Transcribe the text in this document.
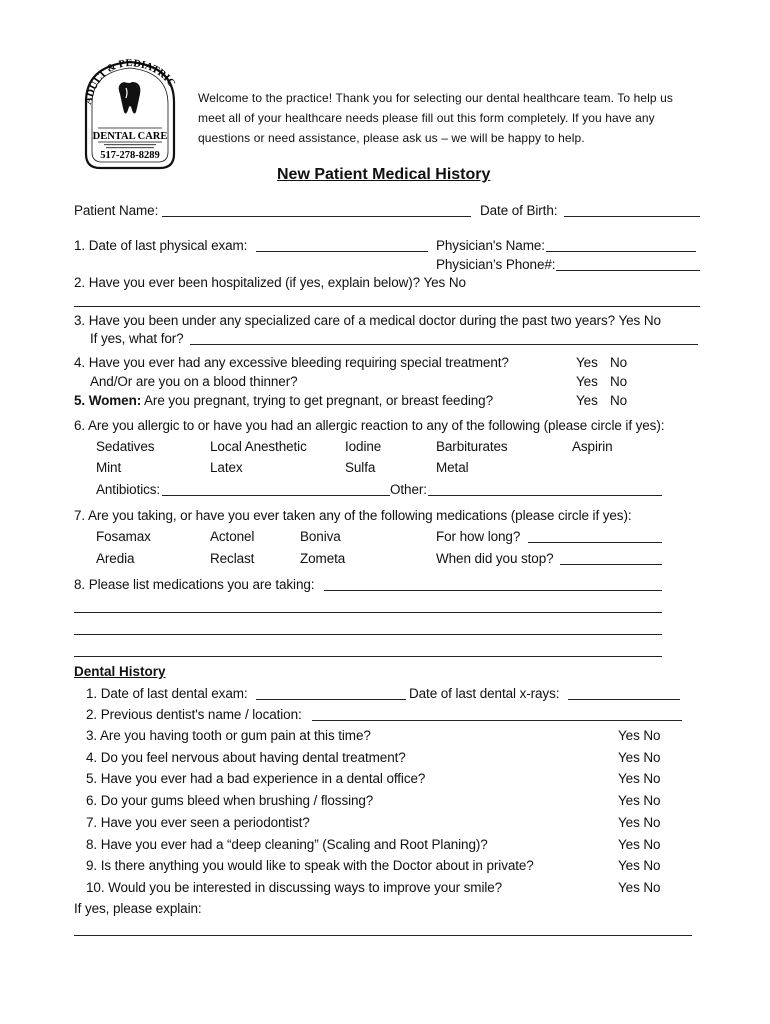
ADULT & PEDIATRIC
DENTAL CARE
517-278-8289
Welcome to the practice! Thank you for selecting our dental healthcare team. To help us
meet all of your healthcare needs please fill out this form completely. If you have any
questions or need assistance, please ask us – we will be happy to help.
New Patient Medical History
Patient Name:	Date of Birth:
1. Date of last physical exam:	Physician's Name:
Physician’s Phone#:
2. Have you ever been hospitalized (if yes, explain below)? Yes No
3. Have you been under any specialized care of a medical doctor during the past two years? Yes No
If yes, what for?
4. Have you ever had any excessive bleeding requiring special treatment?	Yes No
And/Or are you on a blood thinner?	Yes No
5. Women: Are you pregnant, trying to get pregnant, or breast feeding?	Yes No
6. Are you allergic to or have you had an allergic reaction to any of the following (please circle if yes):
Sedatives	Local Anesthetic	Iodine	Barbiturates	Aspirin
Mint	Latex	Sulfa	Metal
Antibiotics:	Other:
7. Are you taking, or have you ever taken any of the following medications (please circle if yes):
Fosamax	Actonel	Boniva	For how long?
Aredia	Reclast	Zometa	When did you stop?
8. Please list medications you are taking:
Dental History
1. Date of last dental exam:	Date of last dental x-rays:
2. Previous dentist's name / location:
3. Are you having tooth or gum pain at this time?	Yes No
4. Do you feel nervous about having dental treatment?	Yes No
5. Have you ever had a bad experience in a dental office?	Yes No
6. Do your gums bleed when brushing / flossing?	Yes No
7. Have you ever seen a periodontist?	Yes No
8. Have you ever had a “deep cleaning” (Scaling and Root Planing)?	Yes No
9. Is there anything you would like to speak with the Doctor about in private?	Yes No
10. Would you be interested in discussing ways to improve your smile?	Yes No
If yes, please explain:
